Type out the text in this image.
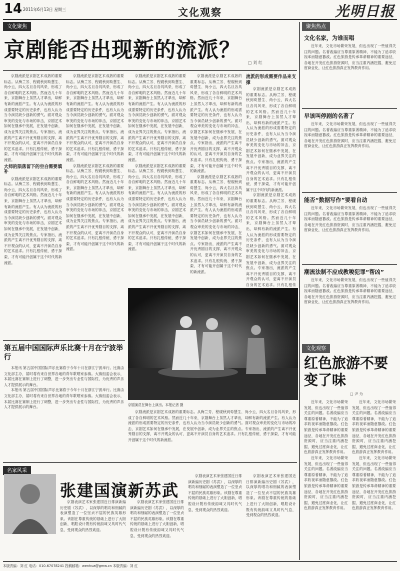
14 2011年6月13日 星期三	文化观察	光明日报
文化聚焦	聚焦热点
京剧能否出现新的流派？
□ 刘 红

京剧流派是京剧艺术成熟的重要标志。从梅兰芳、程砚秋到荀慧生、尚小云，四大名旦各具风采，形成了各自鲜明的艺术风格。然而近几十年来，京剧舞台上虽然人才辈出，却鲜有新的流派产生。有人认为流派的形成需要特定的历史条件，也有人认为当今演员缺少创新的勇气。面对观众审美的变化与市场的冲击，京剧艺术如何在继承中发展，在发展中创新，成为业界关注的焦点。专家指出，流派的产生离不开优秀剧目的支撑，离不开观众的认可，更离不开演员自身的艺术追求。只有扎根传统、勇于探索，才有可能开创属于这个时代的新流派。

大师的陨落留下的空白需要填补

京剧流派是京剧艺术成熟的重要标志。从梅兰芳、程砚秋到荀慧生、尚小云，四大名旦各具风采，形成了各自鲜明的艺术风格。然而近几十年来，京剧舞台上虽然人才辈出，却鲜有新的流派产生。有人认为流派的形成需要特定的历史条件，也有人认为当今演员缺少创新的勇气。面对观众审美的变化与市场的冲击，京剧艺术如何在继承中发展，在发展中创新，成为业界关注的焦点。专家指出，流派的产生离不开优秀剧目的支撑，离不开观众的认可，更离不开演员自身的艺术追求。只有扎根传统、勇于探索，才有可能开创属于这个时代的新流派。

京剧流派是京剧艺术成熟的重要标志。从梅兰芳、程砚秋到荀慧生、尚小云，四大名旦各具风采，形成了各自鲜明的艺术风格。然而近几十年来，京剧舞台上虽然人才辈出，却鲜有新的流派产生。有人认为流派的形成需要特定的历史条件，也有人认为当今演员缺少创新的勇气。面对观众审美的变化与市场的冲击，京剧艺术如何在继承中发展，在发展中创新，成为业界关注的焦点。专家指出，流派的产生离不开优秀剧目的支撑，离不开观众的认可，更离不开演员自身的艺术追求。只有扎根传统、勇于探索，才有可能开创属于这个时代的新流派。

京剧流派是京剧艺术成熟的重要标志。从梅兰芳、程砚秋到荀慧生、尚小云，四大名旦各具风采，形成了各自鲜明的艺术风格。然而近几十年来，京剧舞台上虽然人才辈出，却鲜有新的流派产生。有人认为流派的形成需要特定的历史条件，也有人认为当今演员缺少创新的勇气。面对观众审美的变化与市场的冲击，京剧艺术如何在继承中发展，在发展中创新，成为业界关注的焦点。专家指出，流派的产生离不开优秀剧目的支撑，离不开观众的认可，更离不开演员自身的艺术追求。只有扎根传统、勇于探索，才有可能开创属于这个时代的新流派。

京剧流派是京剧艺术成熟的重要标志。从梅兰芳、程砚秋到荀慧生、尚小云，四大名旦各具风采，形成了各自鲜明的艺术风格。然而近几十年来，京剧舞台上虽然人才辈出，却鲜有新的流派产生。有人认为流派的形成需要特定的历史条件，也有人认为当今演员缺少创新的勇气。面对观众审美的变化与市场的冲击，京剧艺术如何在继承中发展，在发展中创新，成为业界关注的焦点。专家指出，流派的产生离不开优秀剧目的支撑，离不开观众的认可，更离不开演员自身的艺术追求。只有扎根传统、勇于探索，才有可能开创属于这个时代的新流派。

京剧流派是京剧艺术成熟的重要标志。从梅兰芳、程砚秋到荀慧生、尚小云，四大名旦各具风采，形成了各自鲜明的艺术风格。然而近几十年来，京剧舞台上虽然人才辈出，却鲜有新的流派产生。有人认为流派的形成需要特定的历史条件，也有人认为当今演员缺少创新的勇气。面对观众审美的变化与市场的冲击，京剧艺术如何在继承中发展，在发展中创新，成为业界关注的焦点。专家指出，流派的产生离不开优秀剧目的支撑，离不开观众的认可，更离不开演员自身的艺术追求。只有扎根传统、勇于探索，才有可能开创属于这个时代的新流派。

京剧流派是京剧艺术成熟的重要标志。从梅兰芳、程砚秋到荀慧生、尚小云，四大名旦各具风采，形成了各自鲜明的艺术风格。然而近几十年来，京剧舞台上虽然人才辈出，却鲜有新的流派产生。有人认为流派的形成需要特定的历史条件，也有人认为当今演员缺少创新的勇气。面对观众审美的变化与市场的冲击，京剧艺术如何在继承中发展，在发展中创新，成为业界关注的焦点。专家指出，流派的产生离不开优秀剧目的支撑，离不开观众的认可，更离不开演员自身的艺术追求。只有扎根传统、勇于探索，才有可能开创属于这个时代的新流派。

京剧流派是京剧艺术成熟的重要标志。从梅兰芳、程砚秋到荀慧生、尚小云，四大名旦各具风采，形成了各自鲜明的艺术风格。然而近几十年来，京剧舞台上虽然人才辈出，却鲜有新的流派产生。有人认为流派的形成需要特定的历史条件，也有人认为当今演员缺少创新的勇气。面对观众审美的变化与市场的冲击，京剧艺术如何在继承中发展，在发展中创新，成为业界关注的焦点。专家指出，流派的产生离不开优秀剧目的支撑，离不开观众的认可，更离不开演员自身的艺术追求。只有扎根传统、勇于探索，才有可能开创属于这个时代的新流派。

流派的形成需要作品来支撑

京剧流派是京剧艺术成熟的重要标志。从梅兰芳、程砚秋到荀慧生、尚小云，四大名旦各具风采，形成了各自鲜明的艺术风格。然而近几十年来，京剧舞台上虽然人才辈出，却鲜有新的流派产生。有人认为流派的形成需要特定的历史条件，也有人认为当今演员缺少创新的勇气。面对观众审美的变化与市场的冲击，京剧艺术如何在继承中发展，在发展中创新，成为业界关注的焦点。专家指出，流派的产生离不开优秀剧目的支撑，离不开观众的认可，更离不开演员自身的艺术追求。只有扎根传统、勇于探索，才有可能开创属于这个时代的新流派。

京剧流派是京剧艺术成熟的重要标志。从梅兰芳、程砚秋到荀慧生、尚小云，四大名旦各具风采，形成了各自鲜明的艺术风格。然而近几十年来，京剧舞台上虽然人才辈出，却鲜有新的流派产生。有人认为流派的形成需要特定的历史条件，也有人认为当今演员缺少创新的勇气。面对观众审美的变化与市场的冲击，京剧艺术如何在继承中发展，在发展中创新，成为业界关注的焦点。专家指出，流派的产生离不开优秀剧目的支撑，离不开观众的认可，更离不开演员自身的艺术追求。只有扎根传

京剧演员在舞台上演出。本报记者 摄
第五届中国国际声乐比赛十月在宁波举行

本报讯 第五届中国国际声乐比赛将于今年十月在浙江宁波举行。比赛由文化部主办，届时将有来自世界各地的青年歌唱家参赛。大赛组委会表示，本届比赛在赛制上进行了调整，进一步突出专业性与国际性，为优秀的声乐人才提供展示的舞台。

本报讯 第五届中国国际声乐比赛将于今年十月在浙江宁波举行。比赛由文化部主办，届时将有来自世界各地的青年歌唱家参赛。大赛组委会表示，本届比赛在赛制上进行了调整，进一步突出专业性与国际性，为优秀的声乐人才提供展示的舞台。

名家风采
张建国演新苏武

京剧表演艺术家张建国近日排演新编历史剧《苏武》，以深厚的唱功和细腻的表演塑造了一位坚贞不屈的民族英雄形象。该剧在尊重传统的基础上进行了大胆创新，唱腔设计既有传统韵味又具时代气息，受到观众的热烈欢迎。

京剧表演艺术家张建国近日排演新编历史剧《苏武》，以深厚的唱功和细腻的表演塑造了一位坚贞不屈的民族英雄形象。该剧在尊重传统的基础上进行了大胆创新，唱腔设计既有传统韵味又具时代气息，受到观众的热烈欢迎。

京剧表演艺术家张建国近日排演新编历史剧《苏武》，以深厚的唱功和细腻的表演塑造了一位坚贞不屈的民族英雄形象。该剧在尊重传统的基础上进行了大胆创新，唱腔设计既有传统韵味又具时代气息，受到观众的热烈欢迎。

京剧表演艺术家张建国近日排演新编历史剧《苏武》，以深厚的唱功和细腻的表演塑造了一位坚贞不屈的民族英雄形象。该剧在尊重传统的基础上进行了大胆创新，唱腔设计既有传统韵味又具时代气息，受到观众的热烈欢迎。

京剧流派是京剧艺术成熟的重要标志。从梅兰芳、程砚秋到荀慧生、尚小云，四大名旦各具风采，形成了各自鲜明的艺术风格。然而近几十年来，京剧舞台上虽然人才辈出，却鲜有新的流派产生。有人认为流派的形成需要特定的历史条件，也有人认为当今演员缺少创新的勇气。面对观众审美的变化与市场的冲击，京剧艺术如何在继承中发展，在发展中创新，成为业界关注的焦点。专家指出，流派的产生离不开优秀剧目的支撑，离不开观众的认可，更离不开演员自身的艺术追求。只有扎根传统、勇于探索，才有可能开创属于这个时代的新流派。

文化名家，为谁而唱

近年来，文化市场繁荣发展，但也出现了一些值得关注的问题。名著改编应当尊重原著精神，不能为了追求收视率而随意篡改。红色旅游是传承革命精神的重要途径，各地在开发红色旅游资源时，应当注重内涵挖掘，避免过度商业化，让红色旅游真正发挥教育作用。

早该叫停剧的名著了

近年来，文化市场繁荣发展，但也出现了一些值得关注的问题。名著改编应当尊重原著精神，不能为了追求收视率而随意篡改。红色旅游是传承革命精神的重要途径，各地在开发红色旅游资源时，应当注重内涵挖掘，避免过度商业化，让红色旅游真正发挥教育作用。

能否“数据写作”要看自动

近年来，文化市场繁荣发展，但也出现了一些值得关注的问题。名著改编应当尊重原著精神，不能为了追求收视率而随意篡改。红色旅游是传承革命精神的重要途径，各地在开发红色旅游资源时，应当注重内涵挖掘，避免过度商业化，让红色旅游真正发挥教育作用。

潮流法制不应成教唆犯罪“帮凶”

近年来，文化市场繁荣发展，但也出现了一些值得关注的问题。名著改编应当尊重原著精神，不能为了追求收视率而随意篡改。红色旅游是传承革命精神的重要途径，各地在开发红色旅游资源时，应当注重内涵挖掘，避免过度商业化，让红色旅游真正发挥教育作用。

文化观察
红色旅游不要变了味
□ 尹 为

近年来，文化市场繁荣发展，但也出现了一些值得关注的问题。名著改编应当尊重原著精神，不能为了追求收视率而随意篡改。红色旅游是传承革命精神的重要途径，各地在开发红色旅游资源时，应当注重内涵挖掘，避免过度商业化，让红色旅游真正发挥教育作用。

近年来，文化市场繁荣发展，但也出现了一些值得关注的问题。名著改编应当尊重原著精神，不能为了追求收视率而随意篡改。红色旅游是传承革命精神的重要途径，各地在开发红色旅游资源时，应当注重内涵挖掘，避免过度商业化，让红色旅游真正发挥教育作用。

近年来，文化市场繁荣发展，但也出现了一些值得关注的问题。名著改编应当尊重原著精神，不能为了追求收视率而随意篡改。红色旅游是传承革命精神的重要途径，各地在开发红色旅游资源时，应当注重内涵挖掘，避免过度商业化，让红色旅游真正发挥教育作用。

近年来，文化市场繁荣发展，但也出现了一些值得关注的问题。名著改编应当尊重原著精神，不能为了追求收视率而随意篡改。红色旅游是传承革命精神的重要途径，各地在开发红色旅游资源时，应当注重内涵挖掘，避免过度商业化，让红色旅游真正发挥教育作用。

本版责编：刘 红 电话：010-67078241 投稿邮箱：wenhua@gmw.cn 本版责编：刘 红
